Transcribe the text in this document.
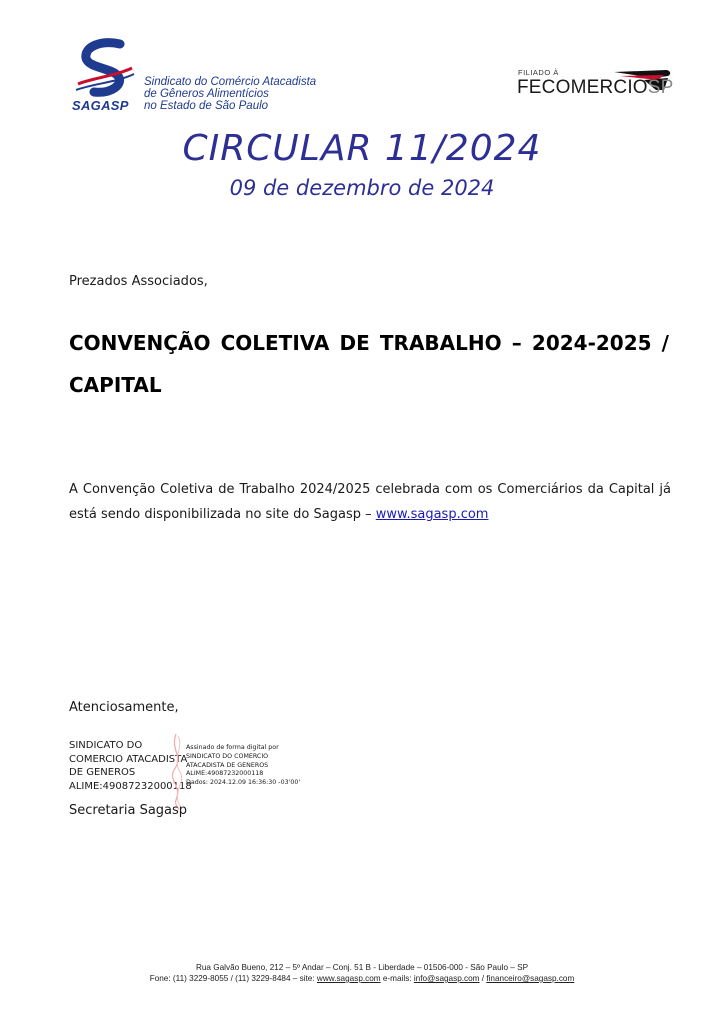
SAGASP
Sindicato do Comércio Atacadista
de Gêneros Alimentícios
no Estado de São Paulo
FILIADO À
FECOMERCIOSP
CIRCULAR 11/2024
09 de dezembro de 2024
Prezados Associados,
CONVENÇÃO COLETIVA DE TRABALHO – 2024-2025 /
CAPITAL
A Convenção Coletiva de Trabalho 2024/2025 celebrada com os Comerciários da Capital já
está sendo disponibilizada no site do Sagasp – www.sagasp.com
Atenciosamente,
SINDICATO DO
COMERCIO ATACADISTA
DE GENEROS
ALIME:49087232000118
Assinado de forma digital por
SINDICATO DO COMERCIO
ATACADISTA DE GENEROS
ALIME:49087232000118
Dados: 2024.12.09 16:36:30 -03'00'
Secretaria Sagasp
Rua Galvão Bueno, 212 – 5º Andar – Conj. 51 B - Liberdade – 01506-000 - São Paulo – SP
Fone: (11) 3229-8055 / (11) 3229-8484 – site: www.sagasp.com e-mails: info@sagasp.com / financeiro@sagasp.com
